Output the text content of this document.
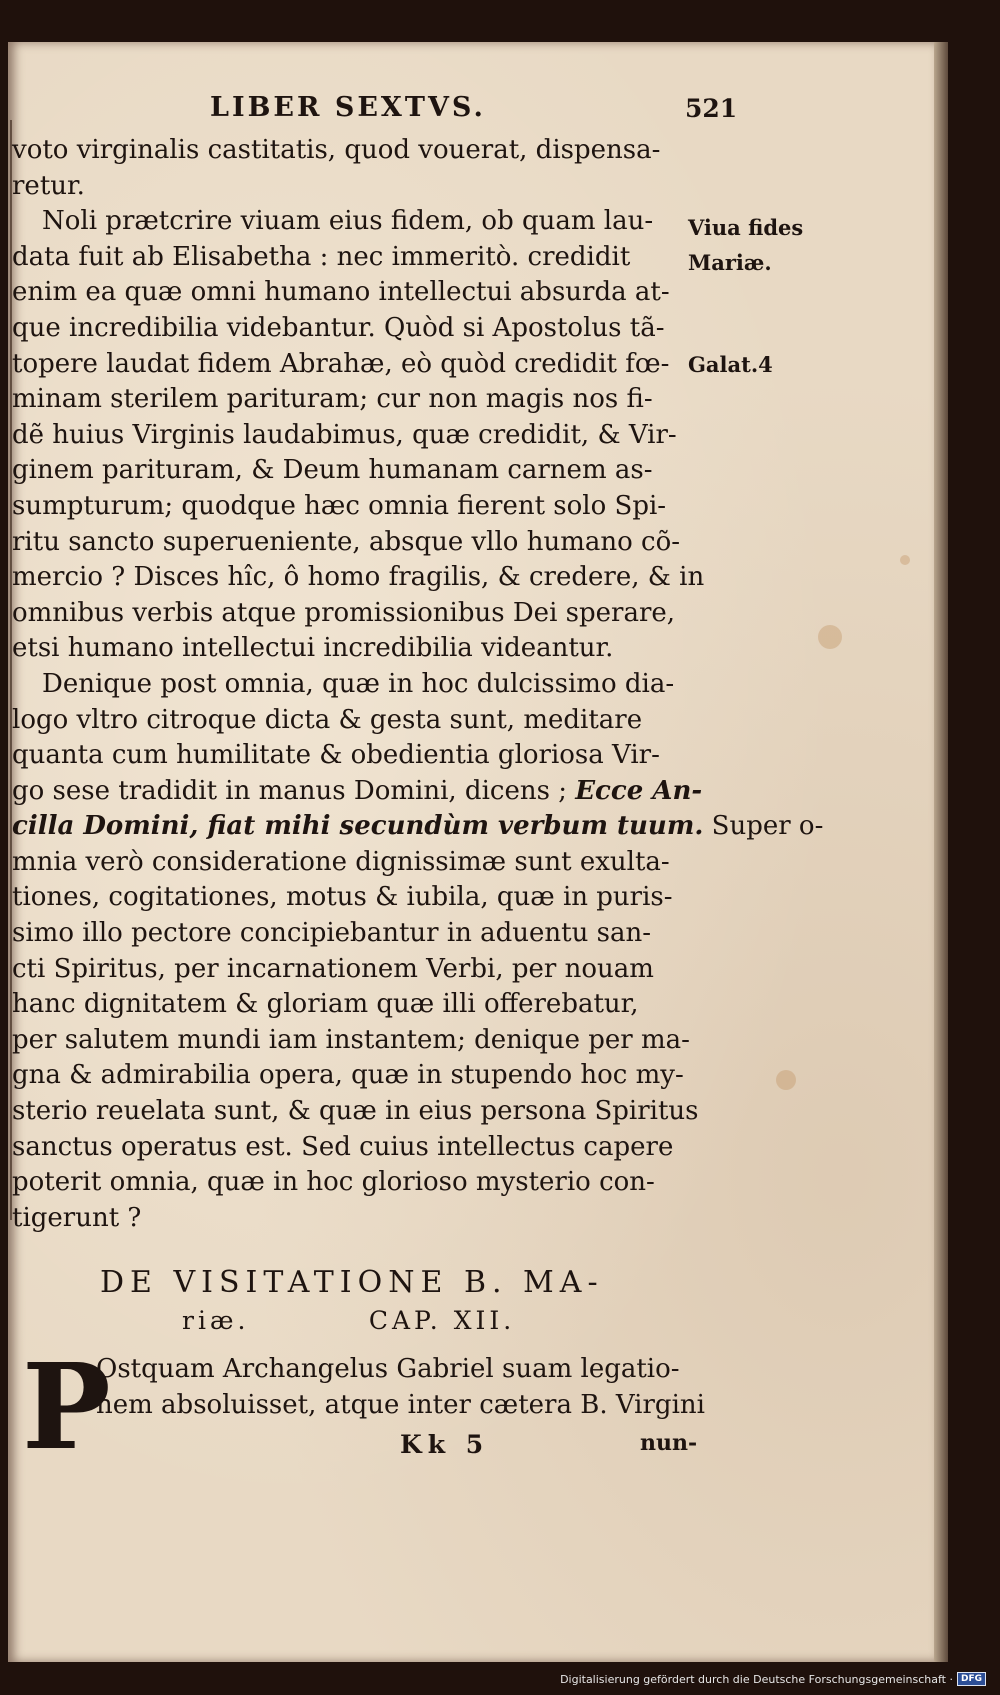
LIBER SEXTVS.	521
voto virginalis castitatis, quod vouerat, dispensa-
retur.
Noli prætcrire viuam eius fidem, ob quam lau-
data fuit ab Elisabetha : nec immeritò. credidit
enim ea quæ omni humano intellectui absurda at-
que incredibilia videbantur. Quòd si Apostolus tã-
topere laudat fidem Abrahæ, eò quòd credidit fœ-
minam sterilem parituram; cur non magis nos fi-
dẽ huius Virginis laudabimus, quæ credidit, & Vir-
ginem parituram, & Deum humanam carnem as-
sumpturum; quodque hæc omnia fierent solo Spi-
ritu sancto superueniente, absque vllo humano cõ-
mercio ? Disces hîc, ô homo fragilis, & credere, & in
omnibus verbis atque promissionibus Dei sperare,
etsi humano intellectui incredibilia videantur.
Denique post omnia, quæ in hoc dulcissimo dia-
logo vltro citroque dicta & gesta sunt, meditare
quanta cum humilitate & obedientia gloriosa Vir-
go sese tradidit in manus Domini, dicens ; Ecce An-
cilla Domini, fiat mihi secundùm verbum tuum. Super o-
mnia verò consideratione dignissimæ sunt exulta-
tiones, cogitationes, motus & iubila, quæ in puris-
simo illo pectore concipiebantur in aduentu san-
cti Spiritus, per incarnationem Verbi, per nouam
hanc dignitatem & gloriam quæ illi offerebatur,
per salutem mundi iam instantem; denique per ma-
gna & admirabilia opera, quæ in stupendo hoc my-
sterio reuelata sunt, & quæ in eius persona Spiritus
sanctus operatus est. Sed cuius intellectus capere
poterit omnia, quæ in hoc glorioso mysterio con-
tigerunt ?
Viua fides
Mariæ.
Galat.4
DE VISITATIONE B. MA-
riæ.          CAP. XII.
P
Ostquam Archangelus Gabriel suam legatio-
nem absoluisset, atque inter cætera B. Virgini
Kk 5	nun-
Digitalisierung gefördert durch die Deutsche Forschungsgemeinschaft · DFG
